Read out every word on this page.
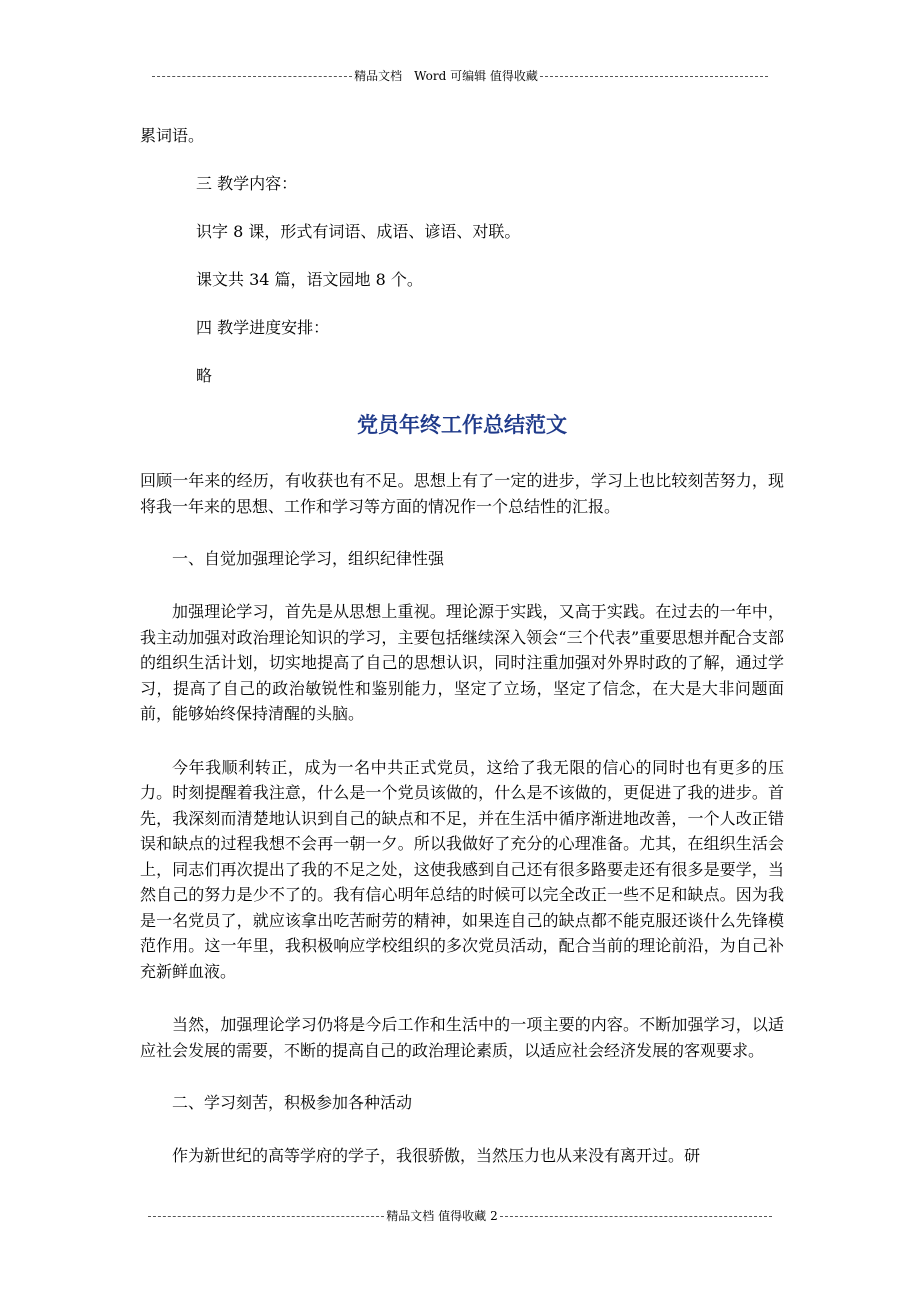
精品文档　Word 可编辑 值得收藏

累词语。

三 教学内容：

识字 8 课，形式有词语、成语、谚语、对联。

课文共 34 篇，语文园地 8 个。

四 教学进度安排：

略

党员年终工作总结范文

回顾一年来的经历，有收获也有不足。思想上有了一定的进步，学习上也比较刻苦努力，现将我一年来的思想、工作和学习等方面的情况作一个总结性的汇报。

一、自觉加强理论学习，组织纪律性强

加强理论学习，首先是从思想上重视。理论源于实践，又高于实践。在过去的一年中，我主动加强对政治理论知识的学习，主要包括继续深入领会“三个代表”重要思想并配合支部的组织生活计划，切实地提高了自己的思想认识，同时注重加强对外界时政的了解，通过学习，提高了自己的政治敏锐性和鉴别能力，坚定了立场，坚定了信念，在大是大非问题面前，能够始终保持清醒的头脑。

今年我顺利转正，成为一名中共正式党员，这给了我无限的信心的同时也有更多的压力。时刻提醒着我注意，什么是一个党员该做的，什么是不该做的，更促进了我的进步。首先，我深刻而清楚地认识到自己的缺点和不足，并在生活中循序渐进地改善，一个人改正错误和缺点的过程我想不会再一朝一夕。所以我做好了充分的心理准备。尤其，在组织生活会上，同志们再次提出了我的不足之处，这使我感到自己还有很多路要走还有很多是要学，当然自己的努力是少不了的。我有信心明年总结的时候可以完全改正一些不足和缺点。因为我是一名党员了，就应该拿出吃苦耐劳的精神，如果连自己的缺点都不能克服还谈什么先锋模范作用。这一年里，我积极响应学校组织的多次党员活动，配合当前的理论前沿，为自己补充新鲜血液。

当然，加强理论学习仍将是今后工作和生活中的一项主要的内容。不断加强学习，以适应社会发展的需要，不断的提高自己的政治理论素质，以适应社会经济发展的客观要求。

二、学习刻苦，积极参加各种活动

作为新世纪的高等学府的学子，我很骄傲，当然压力也从来没有离开过。研

精品文档 值得收藏 2
